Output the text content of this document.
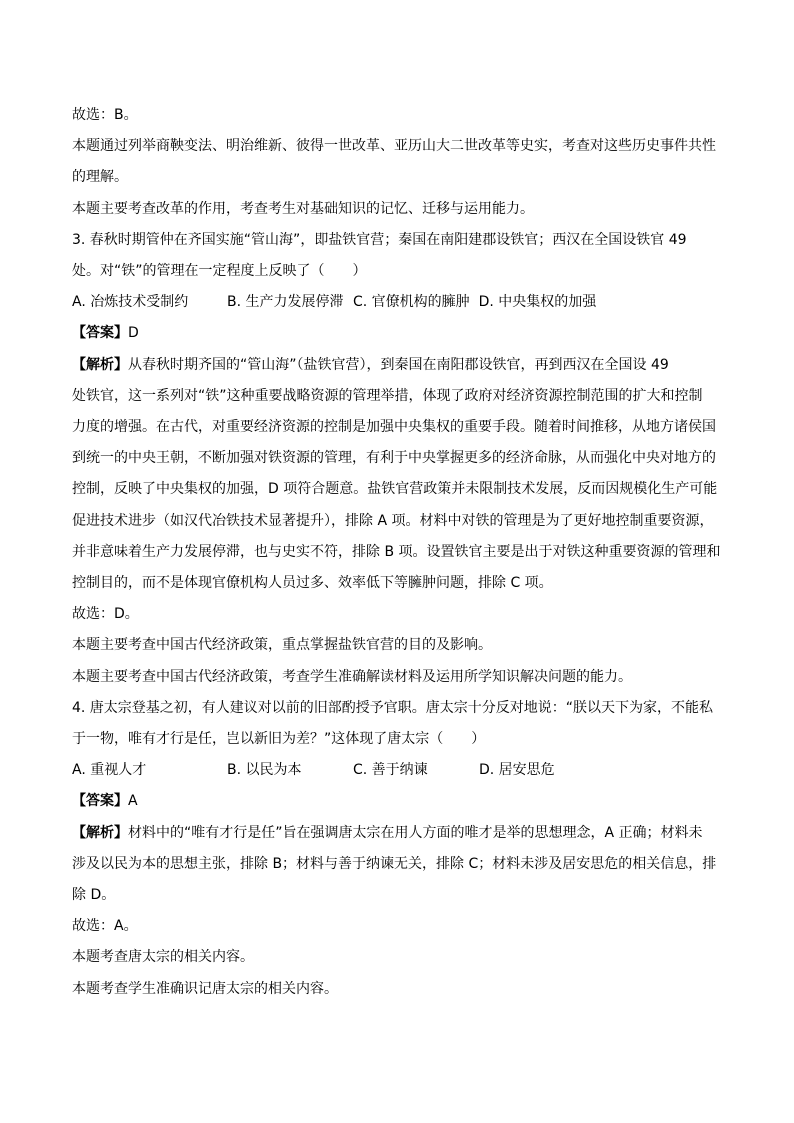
故选：B。

本题通过列举商鞅变法、明治维新、彼得一世改革、亚历山大二世改革等史实，考查对这些历史事件共性

的理解。

本题主要考查改革的作用，考查考生对基础知识的记忆、迁移与运用能力。

3. 春秋时期管仲在齐国实施“管山海”，即盐铁官营；秦国在南阳建郡设铁官；西汉在全国设铁官 49

处。对“铁”的管理在一定程度上反映了（　　）

A. 冶炼技术受制约	B. 生产力发展停滞 C. 官僚机构的臃肿 D. 中央集权的加强

【答案】D

【解析】从春秋时期齐国的“管山海”（盐铁官营），到秦国在南阳郡设铁官，再到西汉在全国设 49

处铁官，这一系列对“铁”这种重要战略资源的管理举措，体现了政府对经济资源控制范围的扩大和控制

力度的增强。在古代，对重要经济资源的控制是加强中央集权的重要手段。随着时间推移，从地方诸侯国

到统一的中央王朝，不断加强对铁资源的管理，有利于中央掌握更多的经济命脉，从而强化中央对地方的

控制，反映了中央集权的加强，D 项符合题意。盐铁官营政策并未限制技术发展，反而因规模化生产可能

促进技术进步（如汉代冶铁技术显著提升），排除 A 项。材料中对铁的管理是为了更好地控制重要资源，

并非意味着生产力发展停滞，也与史实不符，排除 B 项。设置铁官主要是出于对铁这种重要资源的管理和

控制目的，而不是体现官僚机构人员过多、效率低下等臃肿问题，排除 C 项。

故选：D。

本题主要考查中国古代经济政策，重点掌握盐铁官营的目的及影响。

本题主要考查中国古代经济政策，考查学生准确解读材料及运用所学知识解决问题的能力。

4. 唐太宗登基之初，有人建议对以前的旧部酌授予官职。唐太宗十分反对地说：“朕以天下为家，不能私

于一物，唯有才行是任，岂以新旧为差？”这体现了唐太宗（　　）

A. 重视人才	B. 以民为本	C. 善于纳谏	D. 居安思危

【答案】A

【解析】材料中的“唯有才行是任”旨在强调唐太宗在用人方面的唯才是举的思想理念，A 正确；材料未

涉及以民为本的思想主张，排除 B；材料与善于纳谏无关，排除 C；材料未涉及居安思危的相关信息，排

除 D。

故选：A。

本题考查唐太宗的相关内容。

本题考查学生准确识记唐太宗的相关内容。
